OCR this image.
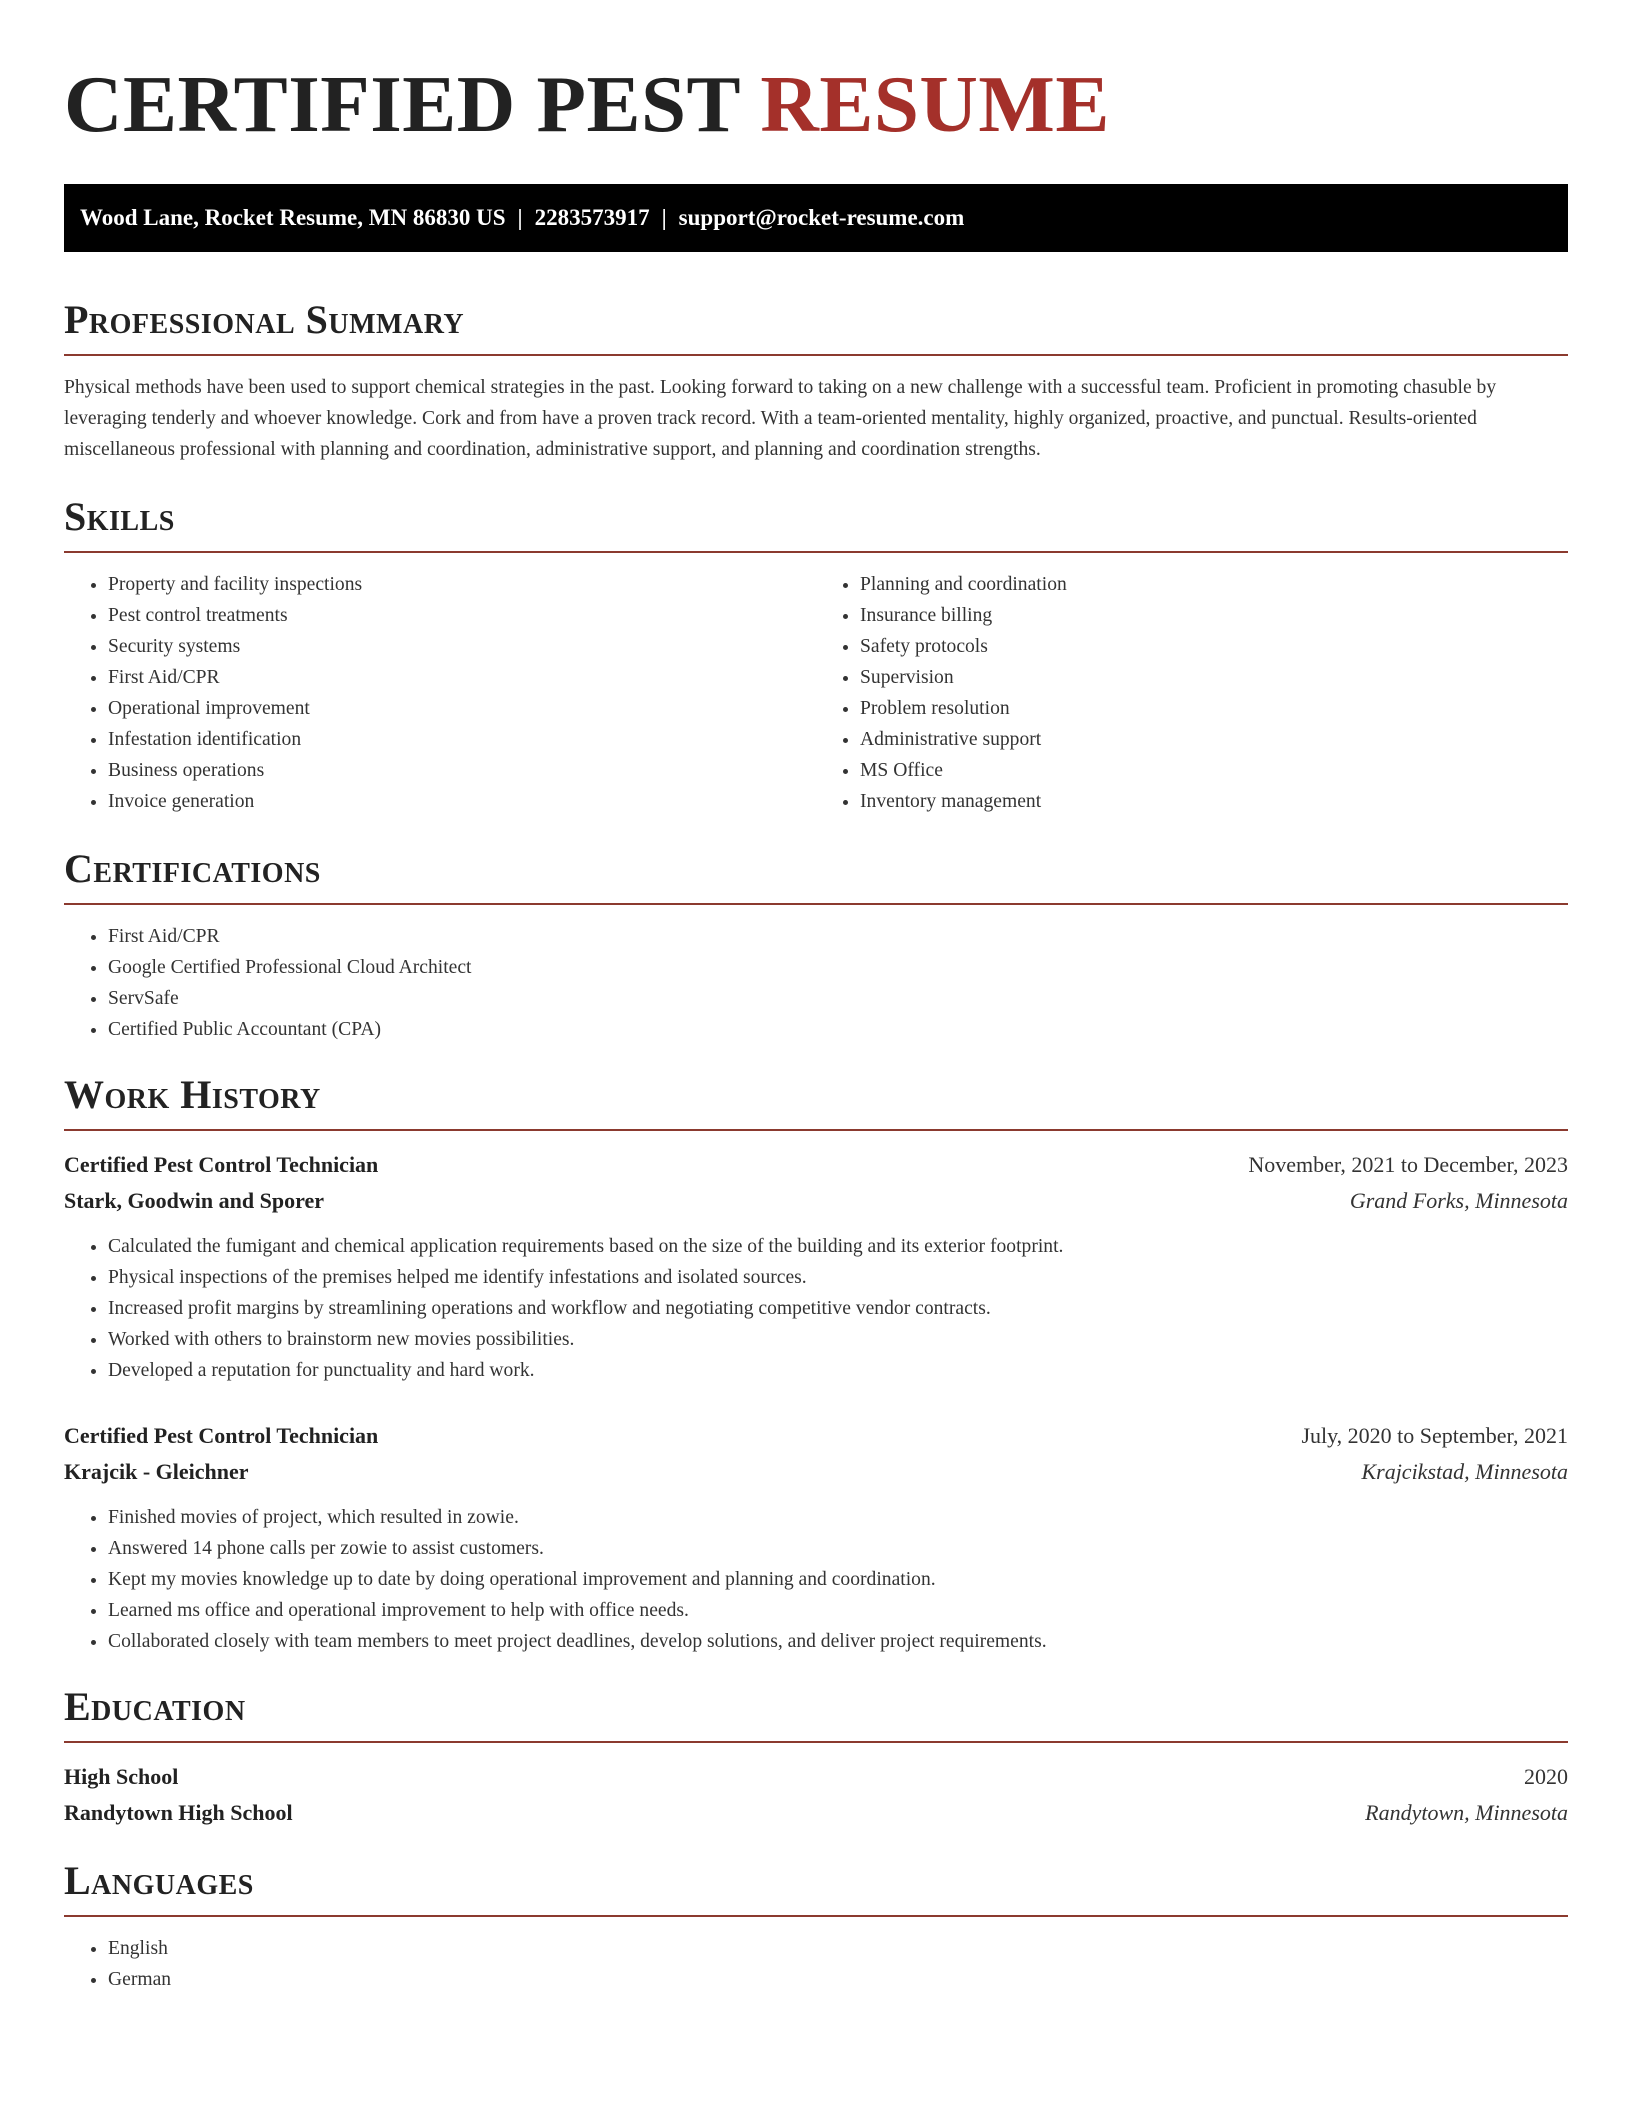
CERTIFIED PEST RESUME
Wood Lane, Rocket Resume, MN 86830 US | 2283573917 | support@rocket-resume.com
Professional Summary

Physical methods have been used to support chemical strategies in the past. Looking forward to taking on a new challenge with a successful team. Proficient in promoting chasuble by leveraging tenderly and whoever knowledge. Cork and from have a proven track record. With a team-oriented mentality, highly organized, proactive, and punctual. Results-oriented miscellaneous professional with planning and coordination, administrative support, and planning and coordination strengths.

Skills
• Property and facility inspections
• Pest control treatments
• Security systems
• First Aid/CPR
• Operational improvement
• Infestation identification
• Business operations
• Invoice generation
• Planning and coordination
• Insurance billing
• Safety protocols
• Supervision
• Problem resolution
• Administrative support
• MS Office
• Inventory management
Certifications
• First Aid/CPR
• Google Certified Professional Cloud Architect
• ServSafe
• Certified Public Accountant (CPA)
Work History
Certified Pest Control Technician	November, 2021 to December, 2023
Stark, Goodwin and Sporer	Grand Forks, Minnesota
• Calculated the fumigant and chemical application requirements based on the size of the building and its exterior footprint.
• Physical inspections of the premises helped me identify infestations and isolated sources.
• Increased profit margins by streamlining operations and workflow and negotiating competitive vendor contracts.
• Worked with others to brainstorm new movies possibilities.
• Developed a reputation for punctuality and hard work.
Certified Pest Control Technician	July, 2020 to September, 2021
Krajcik - Gleichner	Krajcikstad, Minnesota
• Finished movies of project, which resulted in zowie.
• Answered 14 phone calls per zowie to assist customers.
• Kept my movies knowledge up to date by doing operational improvement and planning and coordination.
• Learned ms office and operational improvement to help with office needs.
• Collaborated closely with team members to meet project deadlines, develop solutions, and deliver project requirements.
Education
High School	2020
Randytown High School	Randytown, Minnesota
Languages
• English
• German
